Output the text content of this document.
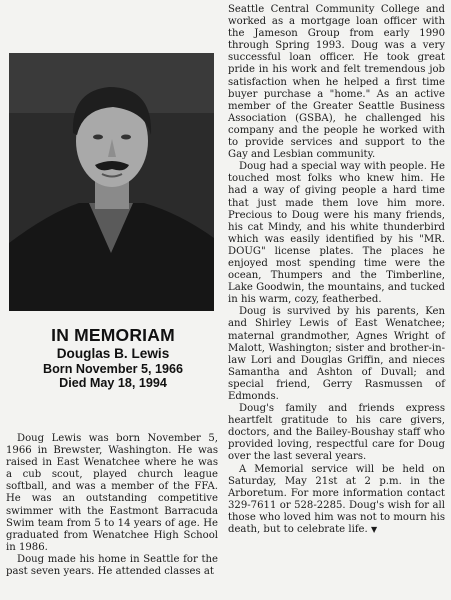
IN MEMORIAM
Douglas B. Lewis
Born November 5, 1966
Died May 18, 1994

Doug Lewis was born November 5, 1966 in Brewster, Washington. He was raised in East Wenatchee where he was a cub scout, played church league softball, and was a member of the FFA. He was an outstanding competitive swimmer with the Eastmont Barracuda Swim team from 5 to 14 years of age. He graduated from Wenatchee High School in 1986.

Doug made his home in Seattle for the past seven years. He attended classes at

Seattle Central Community College and worked as a mortgage loan officer with the Jameson Group from early 1990 through Spring 1993. Doug was a very successful loan officer. He took great pride in his work and felt tremendous job satisfaction when he helped a first time buyer purchase a "home." As an active member of the Greater Seattle Business Association (GSBA), he challenged his company and the people he worked with to provide services and support to the Gay and Lesbian community.

Doug had a special way with people. He touched most folks who knew him. He had a way of giving people a hard time that just made them love him more. Precious to Doug were his many friends, his cat Mindy, and his white thunderbird which was easily identified by his "MR. DOUG" license plates. The places he enjoyed most spending time were the ocean, Thumpers and the Timberline, Lake Goodwin, the mountains, and tucked in his warm, cozy, featherbed.

Doug is survived by his parents, Ken and Shirley Lewis of East Wenatchee; maternal grandmother, Agnes Wright of Malott, Washington; sister and brother-in-law Lori and Douglas Griffin, and nieces Samantha and Ashton of Duvall; and special friend, Gerry Rasmussen of Edmonds.

Doug's family and friends express heartfelt gratitude to his care givers, doctors, and the Bailey-Boushay staff who provided loving, respectful care for Doug over the last several years.

A Memorial service will be held on Saturday, May 21st at 2 p.m. in the Arboretum. For more information contact 329-7611 or 528-2285. Doug's wish for all those who loved him was not to mourn his death, but to celebrate life. ▼
